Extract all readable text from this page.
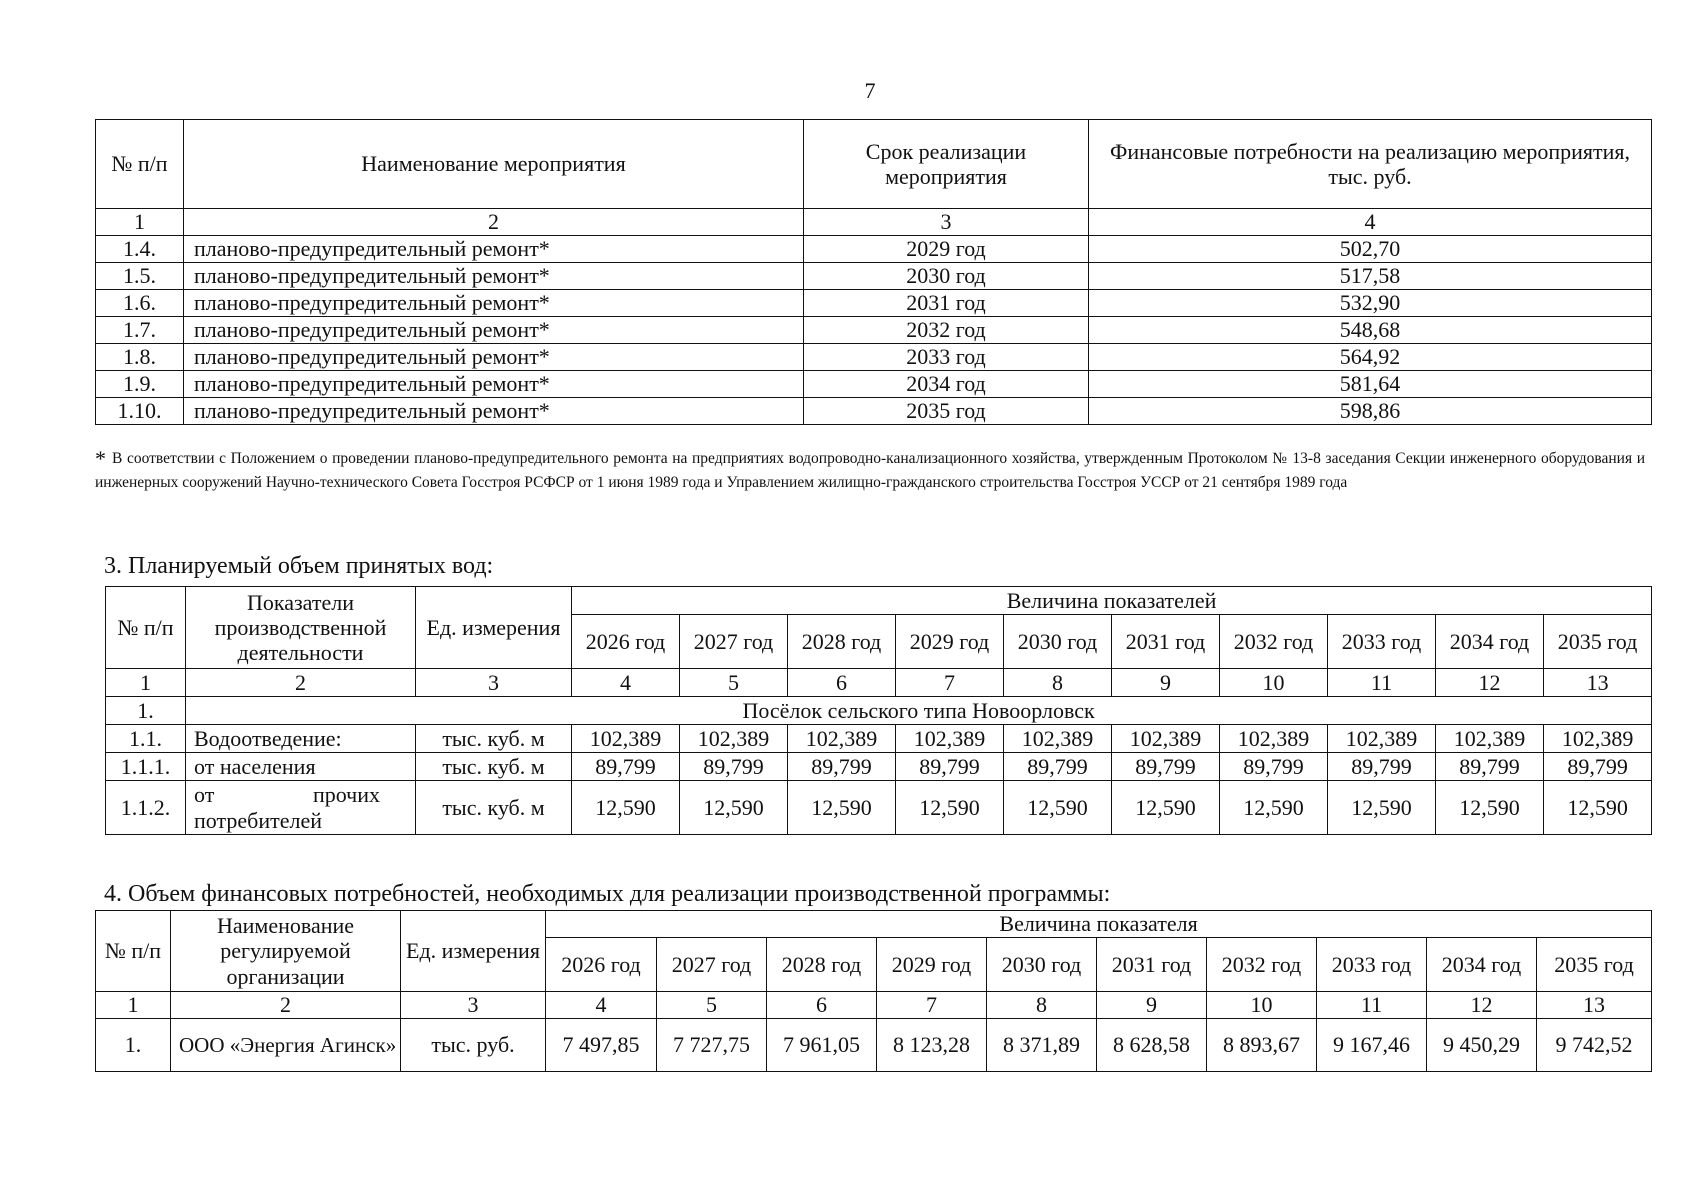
7
№ п/п	Наименование мероприятия	Срок реализации мероприятия	Финансовые потребности на реализацию мероприятия, тыс. руб.
1	2	3	4
1.4.	планово-предупредительный ремонт*	2029 год	502,70
1.5.	планово-предупредительный ремонт*	2030 год	517,58
1.6.	планово-предупредительный ремонт*	2031 год	532,90
1.7.	планово-предупредительный ремонт*	2032 год	548,68
1.8.	планово-предупредительный ремонт*	2033 год	564,92
1.9.	планово-предупредительный ремонт*	2034 год	581,64
1.10.	планово-предупредительный ремонт*	2035 год	598,86
* В соответствии с Положением о проведении планово-предупредительного ремонта на предприятиях водопроводно-канализационного хозяйства, утвержденным Протоколом № 13-8 заседания Секции инженерного оборудования и инженерных сооружений Научно-технического Совета Госстроя РСФСР от 1 июня 1989 года и Управлением жилищно-гражданского строительства Госстроя УССР от 21 сентября 1989 года
3. Планируемый объем принятых вод:
№ п/п	Показатели производственной деятельности	Ед. измерения	Величина показателей									
			2026 год	2027 год	2028 год	2029 год	2030 год	2031 год	2032 год	2033 год	2034 год	2035 год
1	2	3	4	5	6	7	8	9	10	11	12	13
1.	Посёлок сельского типа Новоорловск											
1.1.	Водоотведение:	тыс. куб. м	102,389	102,389	102,389	102,389	102,389	102,389	102,389	102,389	102,389	102,389
1.1.1.	от населения	тыс. куб. м	89,799	89,799	89,799	89,799	89,799	89,799	89,799	89,799	89,799	89,799
1.1.2.	от прочих
потребителей	тыс. куб. м	12,590	12,590	12,590	12,590	12,590	12,590	12,590	12,590	12,590	12,590
4. Объем финансовых потребностей, необходимых для реализации производственной программы:
№ п/п	Наименование регулируемой организации	Ед. измерения	Величина показателя									
			2026 год	2027 год	2028 год	2029 год	2030 год	2031 год	2032 год	2033 год	2034 год	2035 год
1	2	3	4	5	6	7	8	9	10	11	12	13
1.	ООО «Энергия Агинск»	тыс. руб.	7 497,85	7 727,75	7 961,05	8 123,28	8 371,89	8 628,58	8 893,67	9 167,46	9 450,29	9 742,52
